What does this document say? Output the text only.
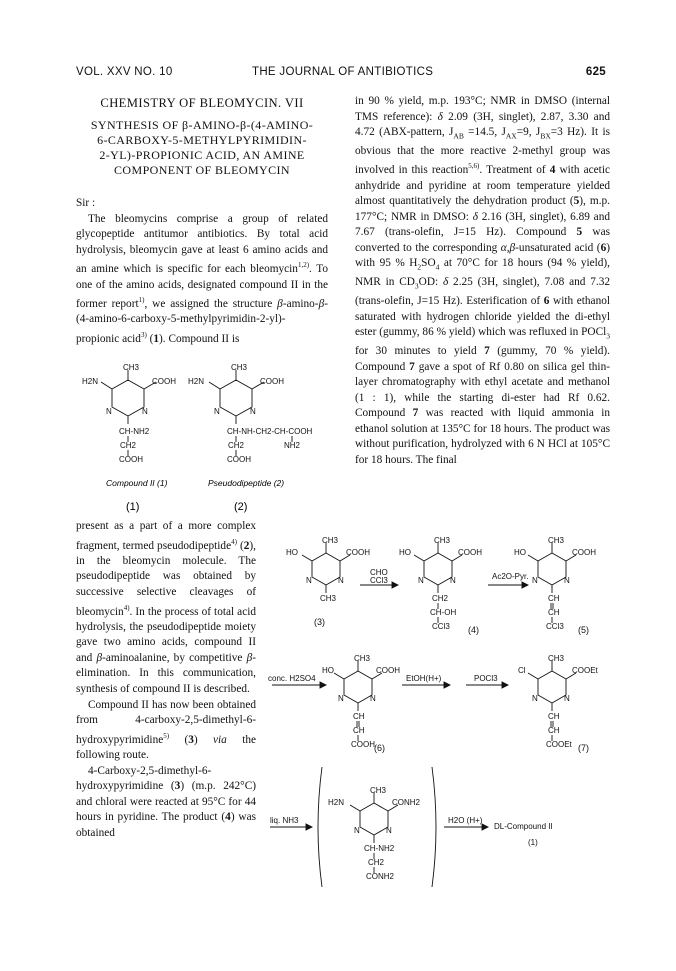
VOL. XXV NO. 10	THE JOURNAL OF ANTIBIOTICS	625
CHEMISTRY OF BLEOMYCIN. VII
SYNTHESIS OF β-AMINO-β-(4-AMINO-
6-CARBOXY-5-METHYLPYRIMIDIN-
2-YL)-PROPIONIC ACID, AN AMINE
COMPONENT OF BLEOMYCIN

Sir :

The bleomycins comprise a group of related glycopeptide antitumor antibiotics. By total acid hydrolysis, bleomycin gave at least 6 amino acids and an amine which is specific for each bleomycin$^{1,2)}$. To one of the amino acids, designated compound II in the former report$^{1)}$, we assigned the structure β-amino-β-(4-amino-6-carboxy-5-methylpyrimidin-2-yl)-propionic acid$^{3)}$ (1). Compound II is

CH3
H2N	COOH
N	N
CH-NH2
CH2
COOH
CH3
H2N	COOH
N	N
CH-NH-CH2-CH-COOH
CH2	NH2
COOH
Compound II (1)	Pseudodipeptide (2)
(1)	(2)

present as a part of a more complex fragment, termed pseudodipeptide$^{4)}$ (2), in the bleomycin molecule. The pseudodipeptide was obtained by successive selective cleavages of bleomycin$^{4)}$. In the process of total acid hydrolysis, the pseudodipeptide moiety gave two amino acids, compound II and β-aminoalanine, by competitive β-elimination. In this communication, synthesis of compound II is described.

Compound II has now been obtained from 4-carboxy-2,5-dimethyl-6-hydroxypyrimidine$^{5)}$ (3) via the following route.

4-Carboxy-2,5-dimethyl-6-hydroxypyrimidine (3) (m.p. 242°C) and chloral were reacted at 95°C for 44 hours in pyridine. The product (4) was obtained

in 90 % yield, m.p. 193°C; NMR in DMSO (internal TMS reference): δ 2.09 (3H, singlet), 2.87, 3.30 and 4.72 (ABX-pattern, $J_{AB} =14.5$, $J_{AX}=9$, $J_{BX}=3$ Hz). It is obvious that the more reactive 2-methyl group was involved in this reaction$^{5,6)}$. Treatment of 4 with acetic anhydride and pyridine at room temperature yielded almost quantitatively the dehydration product (5), m.p. 177°C; NMR in DMSO: δ 2.16 (3H, singlet), 6.89 and 7.67 (trans-olefin, J=15 Hz). Compound 5 was converted to the corresponding α,β-unsaturated acid (6) with 95 % $H_2SO_4$ at 70°C for 18 hours (94 % yield), NMR in $CD_3OD$: δ 2.25 (3H, singlet), 7.08 and 7.32 (trans-olefin, J=15 Hz). Esterification of 6 with ethanol saturated with hydrogen chloride yielded the di-ethyl ester (gummy, 86 % yield) which was refluxed in POCl$_3$ for 30 minutes to yield 7 (gummy, 70 % yield). Compound 7 gave a spot of Rf 0.80 on silica gel thin-layer chromatography with ethyl acetate and methanol (1 : 1), while the starting di-ester had Rf 0.62. Compound 7 was reacted with liquid ammonia in ethanol solution at 135°C for 18 hours. The product was without purification, hydrolyzed with 6 N HCl at 105°C for 18 hours. The final

CH3
HO	COOH
N	N
CH3
CH3
HO	COOH
N	N
CH2
CH-OH
CCl3
CH3
HO	COOH
N	N
CH
CH
CCl3
CH3
HO	COOH
N	N
CH
CH
COOH
CH3
Cl	COOEt
N	N
CH
CH
COOEt
CH3
H2N	CONH2
N	N
CH-NH2
CH2
CONH2
CHO
CCl3	Ac2O-Pyr.
(3)
(4)	(5)
conc. H2SO4	EtOH(H+)	POCl3
(6)	(7)
liq. NH3	H2O (H+)
DL-Compound II
(1)
